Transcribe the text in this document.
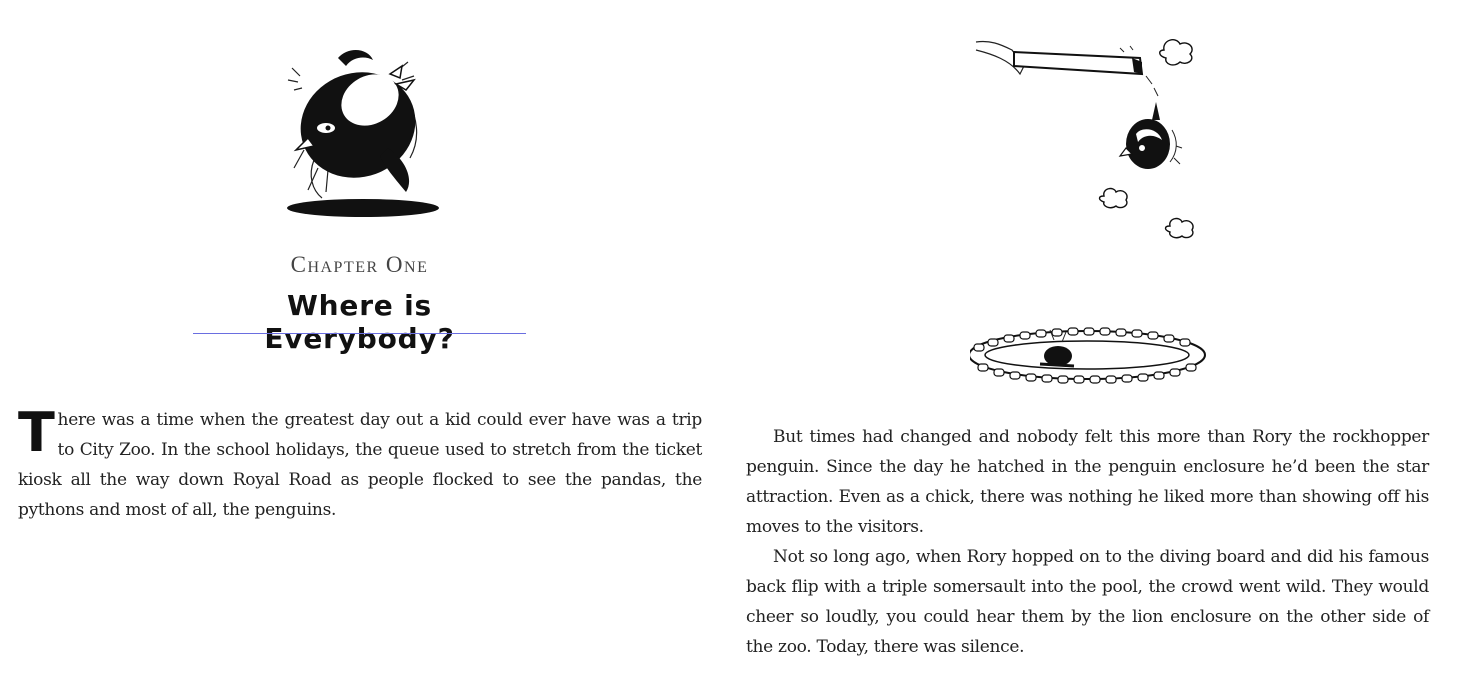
Chapter One
Where is Everybody?

There was a time when the greatest day out a kid could ever have was a trip to City Zoo. In the school holidays, the queue used to stretch from the ticket kiosk all the way down Royal Road as people flocked to see the pandas, the pythons and most of all, the penguins.

But times had changed and nobody felt this more than Rory the rockhopper penguin. Since the day he hatched in the penguin enclosure he’d been the star attraction. Even as a chick, there was nothing he liked more than showing off his moves to the visitors.

Not so long ago, when Rory hopped on to the diving board and did his famous back flip with a triple somersault into the pool, the crowd went wild. They would cheer so loudly, you could hear them by the lion enclosure on the other side of the zoo. Today, there was silence.
